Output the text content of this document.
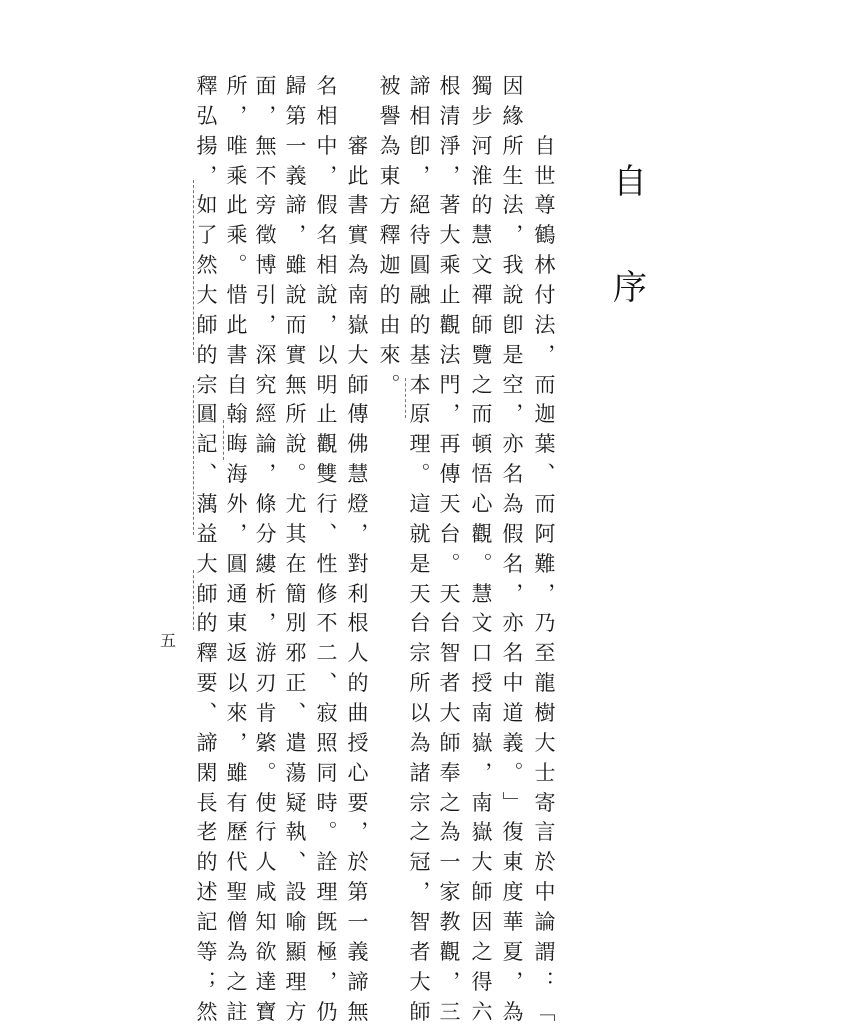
自
序
自
世
尊
鶴
林
付
法
︐
而
迦
葉
︑
而
阿
難
︐
乃
至
龍
樹
大
士
寄
言
於
中
論
謂
︓
﹁
因
緣
所
生
法
︐
我
說
卽
是
空
︐
亦
名
為
假
名
︐
亦
名
中
道
義
︒
﹂
復
東
度
華
夏
︐
為
獨
步
河
淮
的
慧
文
禪
師
覽
之
而
頓
悟
心
觀
︒
慧
文
口
授
南
嶽
︐
南
嶽
大
師
因
之
得
六
根
清
淨
︐
著
大
乘
止
觀
法
門
︐
再
傳
天
台
︒
天
台
智
者
大
師
奉
之
為
一
家
教
觀
︐
三
諦
相
卽
︐
絕
待
圓
融
的
基
本
原
理
︒
這
就
是
天
台
宗
所
以
為
諸
宗
之
冠
︐
智
者
大
師
被
譽
為
東
方
釋
迦
的
由
來
︒
審
此
書
實
為
南
嶽
大
師
傳
佛
慧
燈
︐
對
利
根
人
的
曲
授
心
要
︐
於
第
一
義
諦
無
名
相
中
︐
假
名
相
說
︐
以
明
止
觀
雙
行
︑
性
修
不
二
︑
寂
照
同
時
︒
詮
理
旣
極
︐
仍
歸
第
一
義
諦
︐
雖
說
而
實
無
所
說
︒
尤
其
在
簡
別
邪
正
︑
遣
蕩
疑
執
︑
設
喻
顯
理
方
面
︐
無
不
旁
徵
博
引
︐
深
究
經
論
︐
條
分
縷
析
︐
游
刃
肯
綮
︒
使
行
人
咸
知
欲
達
寶
所
︐
唯
乘
此
乘
︒
惜
此
書
自
翰
晦
海
外
︐
圓
通
東
返
以
來
︐
雖
有
歷
代
聖
僧
為
之
註
釋
弘
揚
︐
如
了
然
大
師
的
宗
圓
記
︑
蕅
益
大
師
的
釋
要
︑
諦
閑
長
老
的
述
記
等
︔
然
五
